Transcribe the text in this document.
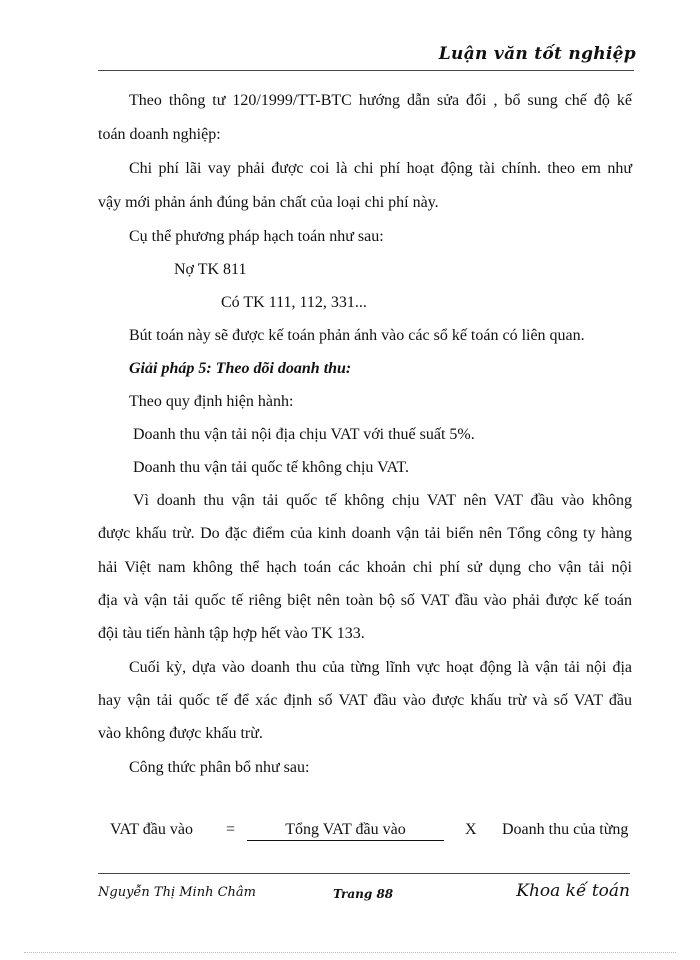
Luận văn tốt nghiệp
Theo thông tư 120/1999/TT-BTC hướng dẫn sửa đổi , bổ sung chế độ kế
toán doanh nghiệp:
Chi phí lãi vay phải được coi là chi phí hoạt động tài chính. theo em như
vậy mới phản ánh đúng bản chất của loại chi phí này.
Cụ thể phương pháp hạch toán như sau:
Nợ TK 811
Có TK 111, 112, 331...
Bút toán này sẽ được kế toán phản ánh vào các sổ kế toán có liên quan.
Giải pháp 5: Theo dõi doanh thu:
Theo quy định hiện hành:
Doanh thu vận tải nội địa chịu VAT với thuế suất 5%.
Doanh thu vận tải quốc tế không chịu VAT.
Vì doanh thu vận tải quốc tế không chịu VAT nên VAT đầu vào không
được khấu trừ. Do đặc điểm của kinh doanh vận tải biển nên Tổng công ty hàng
hải Việt nam không thể hạch toán các khoản chi phí sử dụng cho vận tải nội
địa và vận tải quốc tế riêng biệt nên toàn bộ số VAT đầu vào phải được kế toán
đội tàu tiến hành tập hợp hết vào TK 133.
Cuối kỳ, dựa vào doanh thu của từng lĩnh vực hoạt động là vận tải nội địa
hay vận tải quốc tế để xác định số VAT đầu vào được khấu trừ và số VAT đầu
vào không được khấu trừ.
Công thức phân bổ như sau:
VAT đầu vào =	Tổng VAT đầu vào	X Doanh thu của từng
Nguyễn Thị Minh Châm	Trang 88	Khoa kế toán
